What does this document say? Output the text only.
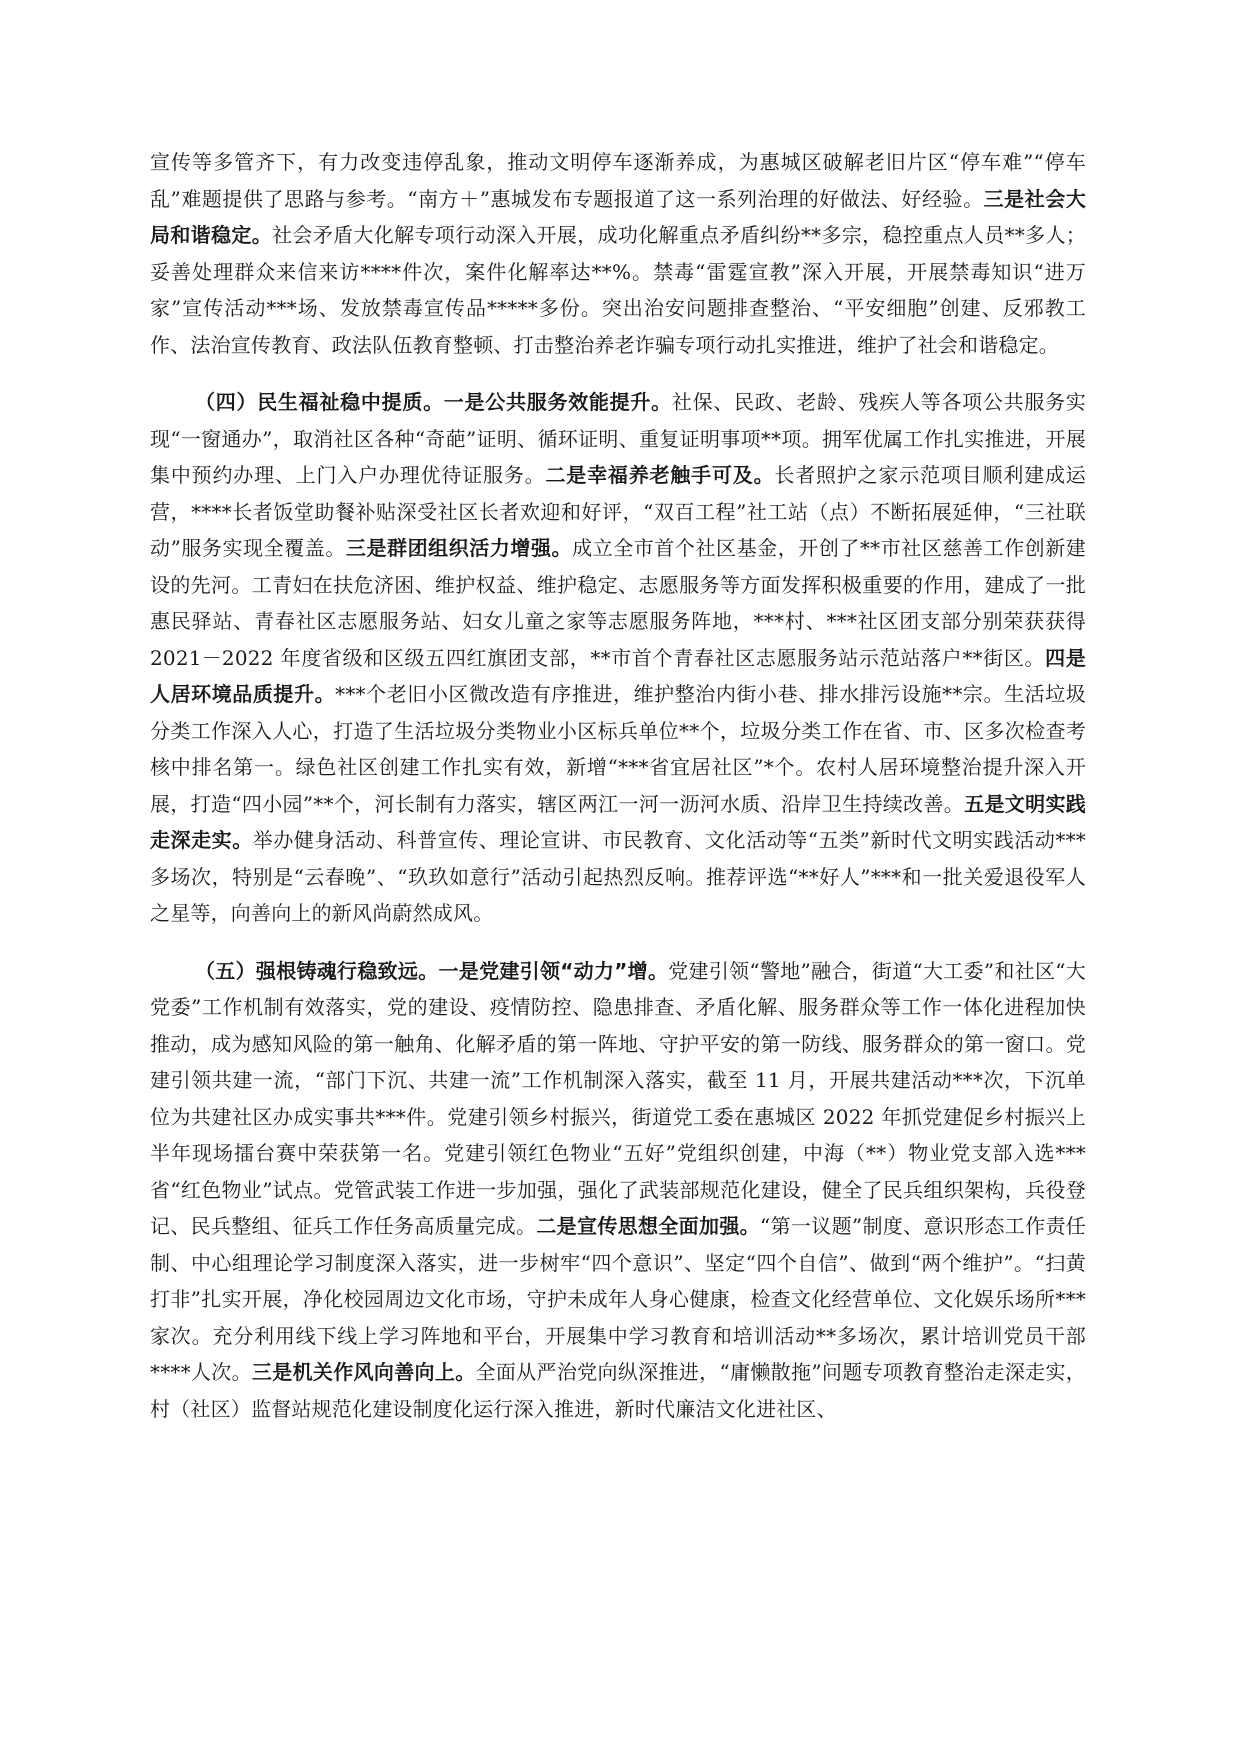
宣传等多管齐下，有力改变违停乱象，推动文明停车逐渐养成，为惠城区破解老旧片区“停车难”“停车乱”难题提供了思路与参考。“南方＋”惠城发布专题报道了这一系列治理的好做法、好经验。三是社会大局和谐稳定。社会矛盾大化解专项行动深入开展，成功化解重点矛盾纠纷**多宗，稳控重点人员**多人；妥善处理群众来信来访****件次，案件化解率达**%。禁毒“雷霆宣教”深入开展，开展禁毒知识“进万家”宣传活动***场、发放禁毒宣传品*****多份。突出治安问题排查整治、“平安细胞”创建、反邪教工作、法治宣传教育、政法队伍教育整顿、打击整治养老诈骗专项行动扎实推进，维护了社会和谐稳定。

（四）民生福祉稳中提质。一是公共服务效能提升。社保、民政、老龄、残疾人等各项公共服务实现“一窗通办”，取消社区各种“奇葩”证明、循环证明、重复证明事项**项。拥军优属工作扎实推进，开展集中预约办理、上门入户办理优待证服务。二是幸福养老触手可及。长者照护之家示范项目顺利建成运营，****长者饭堂助餐补贴深受社区长者欢迎和好评，“双百工程”社工站（点）不断拓展延伸，“三社联动”服务实现全覆盖。三是群团组织活力增强。成立全市首个社区基金，开创了**市社区慈善工作创新建设的先河。工青妇在扶危济困、维护权益、维护稳定、志愿服务等方面发挥积极重要的作用，建成了一批惠民驿站、青春社区志愿服务站、妇女儿童之家等志愿服务阵地，***村、***社区团支部分别荣获获得 2021－2022 年度省级和区级五四红旗团支部，**市首个青春社区志愿服务站示范站落户**街区。四是人居环境品质提升。***个老旧小区微改造有序推进，维护整治内街小巷、排水排污设施**宗。生活垃圾分类工作深入人心，打造了生活垃圾分类物业小区标兵单位**个，垃圾分类工作在省、市、区多次检查考核中排名第一。绿色社区创建工作扎实有效，新增“***省宜居社区”*个。农村人居环境整治提升深入开展，打造“四小园”**个，河长制有力落实，辖区两江一河一沥河水质、沿岸卫生持续改善。五是文明实践走深走实。举办健身活动、科普宣传、理论宣讲、市民教育、文化活动等“五类”新时代文明实践活动***多场次，特别是“云春晚”、“玖玖如意行”活动引起热烈反响。推荐评选“**好人”***和一批关爱退役军人之星等，向善向上的新风尚蔚然成风。

（五）强根铸魂行稳致远。一是党建引领“动力”增。党建引领“警地”融合，街道“大工委”和社区“大党委”工作机制有效落实，党的建设、疫情防控、隐患排查、矛盾化解、服务群众等工作一体化进程加快推动，成为感知风险的第一触角、化解矛盾的第一阵地、守护平安的第一防线、服务群众的第一窗口。党建引领共建一流，“部门下沉、共建一流”工作机制深入落实，截至 11 月，开展共建活动***次，下沉单位为共建社区办成实事共***件。党建引领乡村振兴，街道党工委在惠城区 2022 年抓党建促乡村振兴上半年现场擂台赛中荣获第一名。党建引领红色物业“五好”党组织创建，中海（**）物业党支部入选***省“红色物业”试点。党管武装工作进一步加强，强化了武装部规范化建设，健全了民兵组织架构，兵役登记、民兵整组、征兵工作任务高质量完成。二是宣传思想全面加强。“第一议题”制度、意识形态工作责任制、中心组理论学习制度深入落实，进一步树牢“四个意识”、坚定“四个自信”、做到“两个维护”。“扫黄打非”扎实开展，净化校园周边文化市场，守护未成年人身心健康，检查文化经营单位、文化娱乐场所***家次。充分利用线下线上学习阵地和平台，开展集中学习教育和培训活动**多场次，累计培训党员干部****人次。三是机关作风向善向上。全面从严治党向纵深推进，“庸懒散拖”问题专项教育整治走深走实，村（社区）监督站规范化建设制度化运行深入推进，新时代廉洁文化进社区、
